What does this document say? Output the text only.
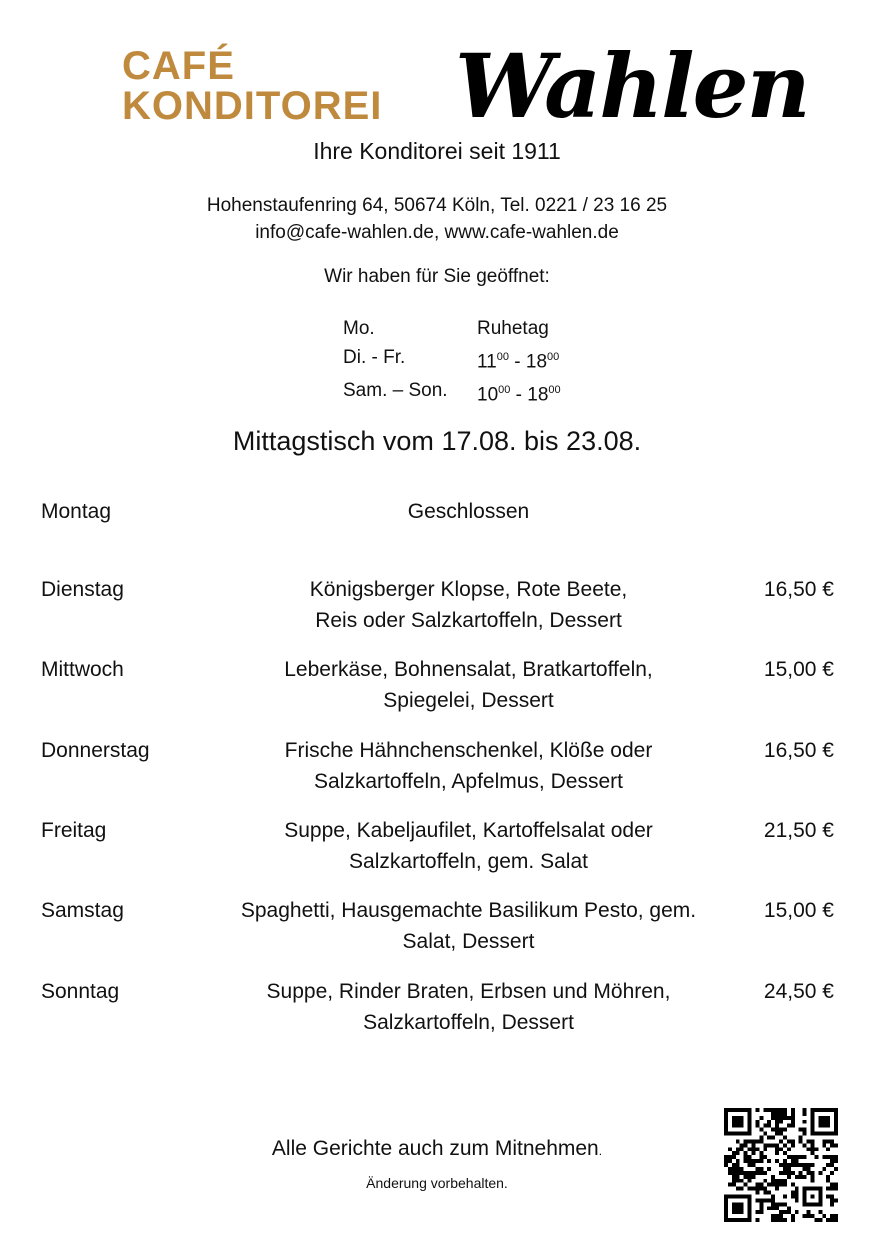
CAFÉ
KONDITOREI Wahlen
Ihre Konditorei seit 1911
Hohenstaufenring 64, 50674 Köln, Tel. 0221 / 23 16 25
info@cafe-wahlen.de, www.cafe-wahlen.de
Wir haben für Sie geöffnet:
Mo.	Ruhetag
Di. - Fr.	$11^{00} - 18^{00}$
Sam. – Son.	$10^{00} - 18^{00}$
Mittagstisch vom 17.08. bis 23.08.
Montag	Geschlossen
Dienstag	Königsberger Klopse, Rote Beete,
Reis oder Salzkartoffeln, Dessert
16,50 €
Mittwoch	Leberkäse, Bohnensalat, Bratkartoffeln,
Spiegelei, Dessert
15,00 €
Donnerstag	Frische Hähnchenschenkel, Klöße oder
Salzkartoffeln, Apfelmus, Dessert
16,50 €
Freitag	Suppe, Kabeljaufilet, Kartoffelsalat oder
Salzkartoffeln, gem. Salat
21,50 €
Samstag	Spaghetti, Hausgemachte Basilikum Pesto, gem.
Salat, Dessert
15,00 €
Sonntag	Suppe, Rinder Braten, Erbsen und Möhren,
Salzkartoffeln, Dessert
24,50 €
Alle Gerichte auch zum Mitnehmen.
Änderung vorbehalten.
